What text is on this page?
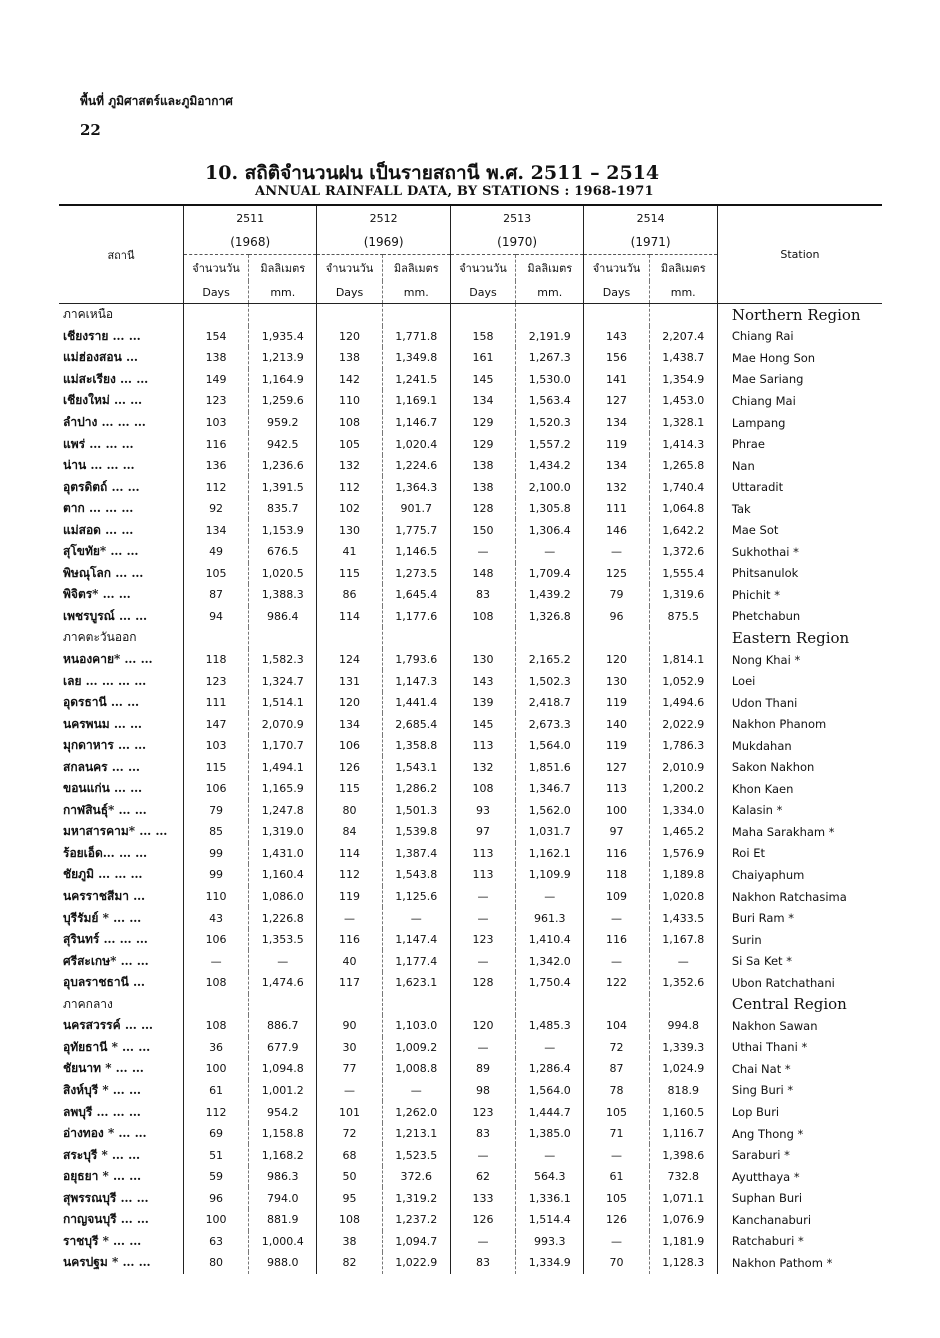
พื้นที่ ภูมิศาสตร์และภูมิอากาศ
22
10. สถิติจำนวนฝน เป็นรายสถานี พ.ศ. 2511 – 2514
ANNUAL RAINFALL DATA, BY STATIONS : 1968-1971
สถานี	2511		2512		2513		2514		Station
	(1968)		(1969)		(1970)		(1971)		
	จำนวนวัน	มิลลิเมตร	จำนวนวัน	มิลลิเมตร	จำนวนวัน	มิลลิเมตร	จำนวนวัน	มิลลิเมตร	
	Days	mm.	Days	mm.	Days	mm.	Days	mm.	
ภาคเหนือ									Northern Region
เชียงราย … …	154	1,935.4	120	1,771.8	158	2,191.9	143	2,207.4	Chiang Rai
แม่ฮ่องสอน …	138	1,213.9	138	1,349.8	161	1,267.3	156	1,438.7	Mae Hong Son
แม่สะเรียง … …	149	1,164.9	142	1,241.5	145	1,530.0	141	1,354.9	Mae Sariang
เชียงใหม่ … …	123	1,259.6	110	1,169.1	134	1,563.4	127	1,453.0	Chiang Mai
ลำปาง … … …	103	959.2	108	1,146.7	129	1,520.3	134	1,328.1	Lampang
แพร่ … … …	116	942.5	105	1,020.4	129	1,557.2	119	1,414.3	Phrae
น่าน … … …	136	1,236.6	132	1,224.6	138	1,434.2	134	1,265.8	Nan
อุตรดิตถ์ … …	112	1,391.5	112	1,364.3	138	2,100.0	132	1,740.4	Uttaradit
ตาก … … …	92	835.7	102	901.7	128	1,305.8	111	1,064.8	Tak
แม่สอด … …	134	1,153.9	130	1,775.7	150	1,306.4	146	1,642.2	Mae Sot
สุโขทัย* … …	49	676.5	41	1,146.5	—	—	—	1,372.6	Sukhothai *
พิษณุโลก … …	105	1,020.5	115	1,273.5	148	1,709.4	125	1,555.4	Phitsanulok
พิจิตร* … …	87	1,388.3	86	1,645.4	83	1,439.2	79	1,319.6	Phichit *
เพชรบูรณ์ … …	94	986.4	114	1,177.6	108	1,326.8	96	875.5	Phetchabun
ภาคตะวันออก									Eastern Region
หนองคาย* … …	118	1,582.3	124	1,793.6	130	2,165.2	120	1,814.1	Nong Khai *
เลย … … … …	123	1,324.7	131	1,147.3	143	1,502.3	130	1,052.9	Loei
อุดรธานี … …	111	1,514.1	120	1,441.4	139	2,418.7	119	1,494.6	Udon Thani
นครพนม … …	147	2,070.9	134	2,685.4	145	2,673.3	140	2,022.9	Nakhon Phanom
มุกดาหาร … …	103	1,170.7	106	1,358.8	113	1,564.0	119	1,786.3	Mukdahan
สกลนคร … …	115	1,494.1	126	1,543.1	132	1,851.6	127	2,010.9	Sakon Nakhon
ขอนแก่น … …	106	1,165.9	115	1,286.2	108	1,346.7	113	1,200.2	Khon Kaen
กาฬสินธุ์* … …	79	1,247.8	80	1,501.3	93	1,562.0	100	1,334.0	Kalasin *
มหาสารคาม* … …	85	1,319.0	84	1,539.8	97	1,031.7	97	1,465.2	Maha Sarakham *
ร้อยเอ็ด… … …	99	1,431.0	114	1,387.4	113	1,162.1	116	1,576.9	Roi Et
ชัยภูมิ … … …	99	1,160.4	112	1,543.8	113	1,109.9	118	1,189.8	Chaiyaphum
นครราชสีมา …	110	1,086.0	119	1,125.6	—	—	109	1,020.8	Nakhon Ratchasima
บุรีรัมย์ * … …	43	1,226.8	—	—	—	961.3	—	1,433.5	Buri Ram *
สุรินทร์ … … …	106	1,353.5	116	1,147.4	123	1,410.4	116	1,167.8	Surin
ศรีสะเกษ* … …	—	—	40	1,177.4	—	1,342.0	—	—	Si Sa Ket *
อุบลราชธานี …	108	1,474.6	117	1,623.1	128	1,750.4	122	1,352.6	Ubon Ratchathani
ภาคกลาง									Central Region
นครสวรรค์ … …	108	886.7	90	1,103.0	120	1,485.3	104	994.8	Nakhon Sawan
อุทัยธานี * … …	36	677.9	30	1,009.2	—	—	72	1,339.3	Uthai Thani *
ชัยนาท * … …	100	1,094.8	77	1,008.8	89	1,286.4	87	1,024.9	Chai Nat *
สิงห์บุรี * … …	61	1,001.2	—	—	98	1,564.0	78	818.9	Sing Buri *
ลพบุรี … … …	112	954.2	101	1,262.0	123	1,444.7	105	1,160.5	Lop Buri
อ่างทอง * … …	69	1,158.8	72	1,213.1	83	1,385.0	71	1,116.7	Ang Thong *
สระบุรี * … …	51	1,168.2	68	1,523.5	—	—	—	1,398.6	Saraburi *
อยุธยา * … …	59	986.3	50	372.6	62	564.3	61	732.8	Ayutthaya *
สุพรรณบุรี … …	96	794.0	95	1,319.2	133	1,336.1	105	1,071.1	Suphan Buri
กาญจนบุรี … …	100	881.9	108	1,237.2	126	1,514.4	126	1,076.9	Kanchanaburi
ราชบุรี * … …	63	1,000.4	38	1,094.7	—	993.3	—	1,181.9	Ratchaburi *
นครปฐม * … …	80	988.0	82	1,022.9	83	1,334.9	70	1,128.3	Nakhon Pathom *
